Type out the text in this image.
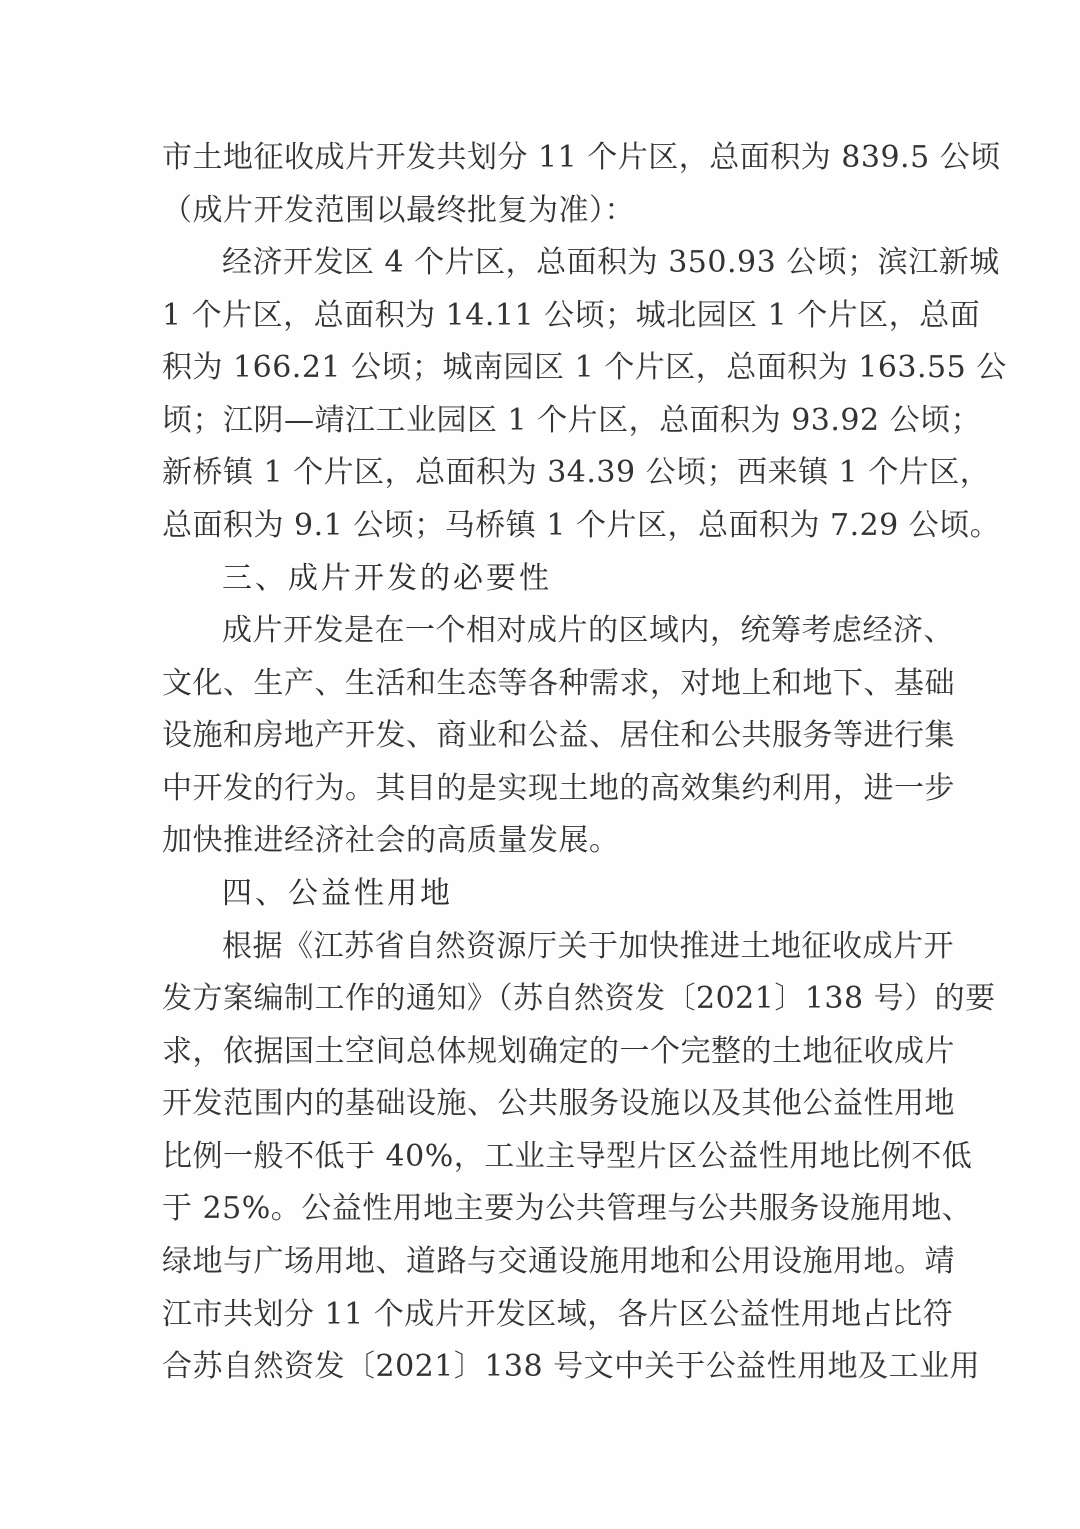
市土地征收成片开发共划分 11 个片区，总面积为 839.5 公顷
（成片开发范围以最终批复为准）：
经济开发区 4 个片区，总面积为 350.93 公顷；滨江新城
1 个片区，总面积为 14.11 公顷；城北园区 1 个片区，总面
积为 166.21 公顷；城南园区 1 个片区，总面积为 163.55 公
顷；江阴—靖江工业园区 1 个片区，总面积为 93.92 公顷；
新桥镇 1 个片区，总面积为 34.39 公顷；西来镇 1 个片区，
总面积为 9.1 公顷；马桥镇 1 个片区，总面积为 7.29 公顷。
三、成片开发的必要性
成片开发是在一个相对成片的区域内，统筹考虑经济、
文化、生产、生活和生态等各种需求，对地上和地下、基础
设施和房地产开发、商业和公益、居住和公共服务等进行集
中开发的行为。其目的是实现土地的高效集约利用，进一步
加快推进经济社会的高质量发展。
四、公益性用地
根据《江苏省自然资源厅关于加快推进土地征收成片开
发方案编制工作的通知》（苏自然资发〔2021〕138 号）的要
求，依据国土空间总体规划确定的一个完整的土地征收成片
开发范围内的基础设施、公共服务设施以及其他公益性用地
比例一般不低于 40%，工业主导型片区公益性用地比例不低
于 25%。公益性用地主要为公共管理与公共服务设施用地、
绿地与广场用地、道路与交通设施用地和公用设施用地。靖
江市共划分 11 个成片开发区域，各片区公益性用地占比符
合苏自然资发〔2021〕138 号文中关于公益性用地及工业用
